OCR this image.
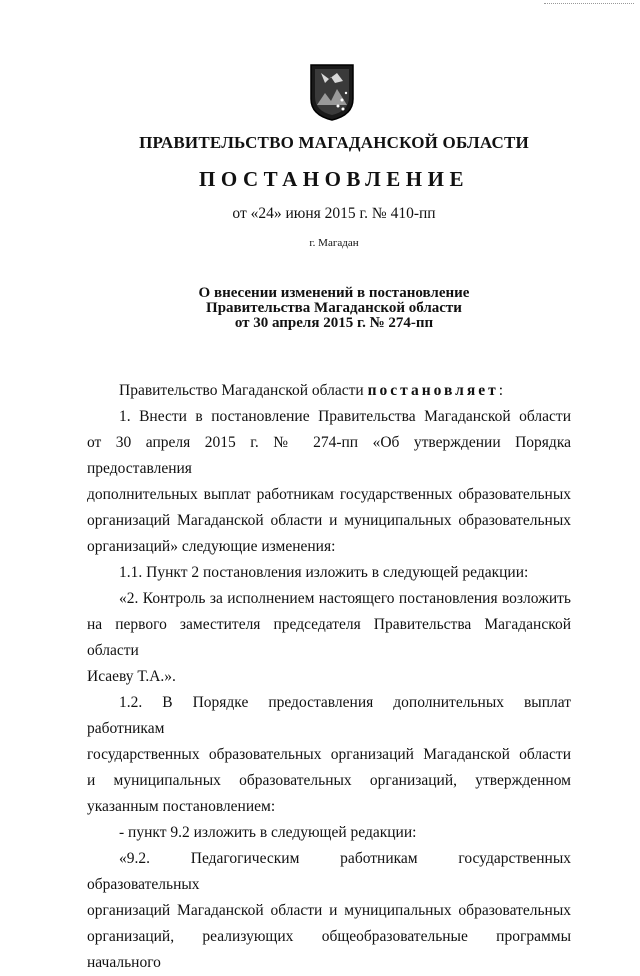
ПРАВИТЕЛЬСТВО МАГАДАНСКОЙ ОБЛАСТИ
ПОСТАНОВЛЕНИЕ
от «24» июня 2015 г. № 410-пп
г. Магадан
О внесении изменений в постановление
Правительства Магаданской области
от 30 апреля 2015 г. № 274-пп
Правительство Магаданской области постановляет:
1. Внести в постановление Правительства Магаданской области
от 30 апреля 2015 г. № 274-пп «Об утверждении Порядка предоставления
дополнительных выплат работникам государственных образовательных
организаций Магаданской области и муниципальных образовательных
организаций» следующие изменения:
1.1. Пункт 2 постановления изложить в следующей редакции:
«2. Контроль за исполнением настоящего постановления возложить
на первого заместителя председателя Правительства Магаданской области
Исаеву Т.А.».
1.2. В Порядке предоставления дополнительных выплат работникам
государственных образовательных организаций Магаданской области
и муниципальных образовательных организаций, утвержденном
указанным постановлением:
- пункт 9.2 изложить в следующей редакции:
«9.2. Педагогическим работникам государственных образовательных
организаций Магаданской области и муниципальных образовательных
организаций, реализующих общеобразовательные программы начального
